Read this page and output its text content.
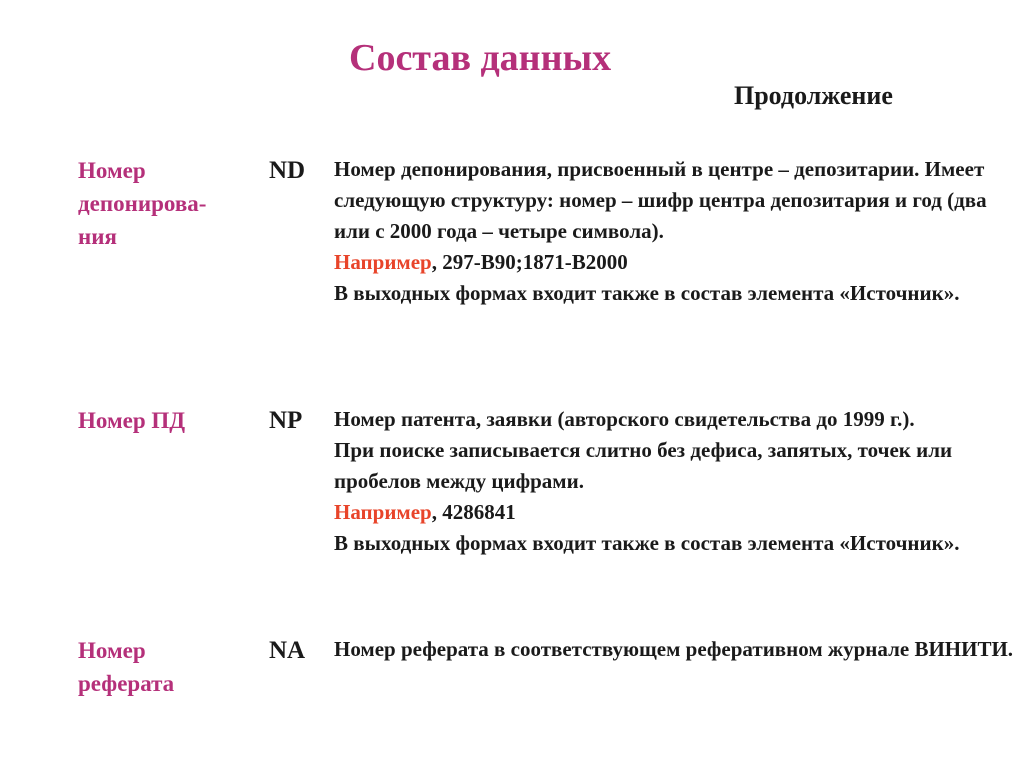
Состав данных
Продолжение
Номер
депонирова-
ния
ND Номер депонирования, присвоенный в центре – депозитарии. Имеет следующую структуру: номер – шифр центра депозитария и год (два или с 2000 года – четыре символа).

Например, 297-В90;1871-В2000

В выходных формах входит также в состав элемента «Источник».

Номер ПД	NP Номер патента, заявки (авторского свидетельства до 1999 г.).

При поиске записывается слитно без дефиса, запятых, точек или пробелов между цифрами.

Например, 4286841

В выходных формах входит также в состав элемента «Источник».

Номер
реферата
NA Номер реферата в соответствующем реферативном журнале ВИНИТИ.
